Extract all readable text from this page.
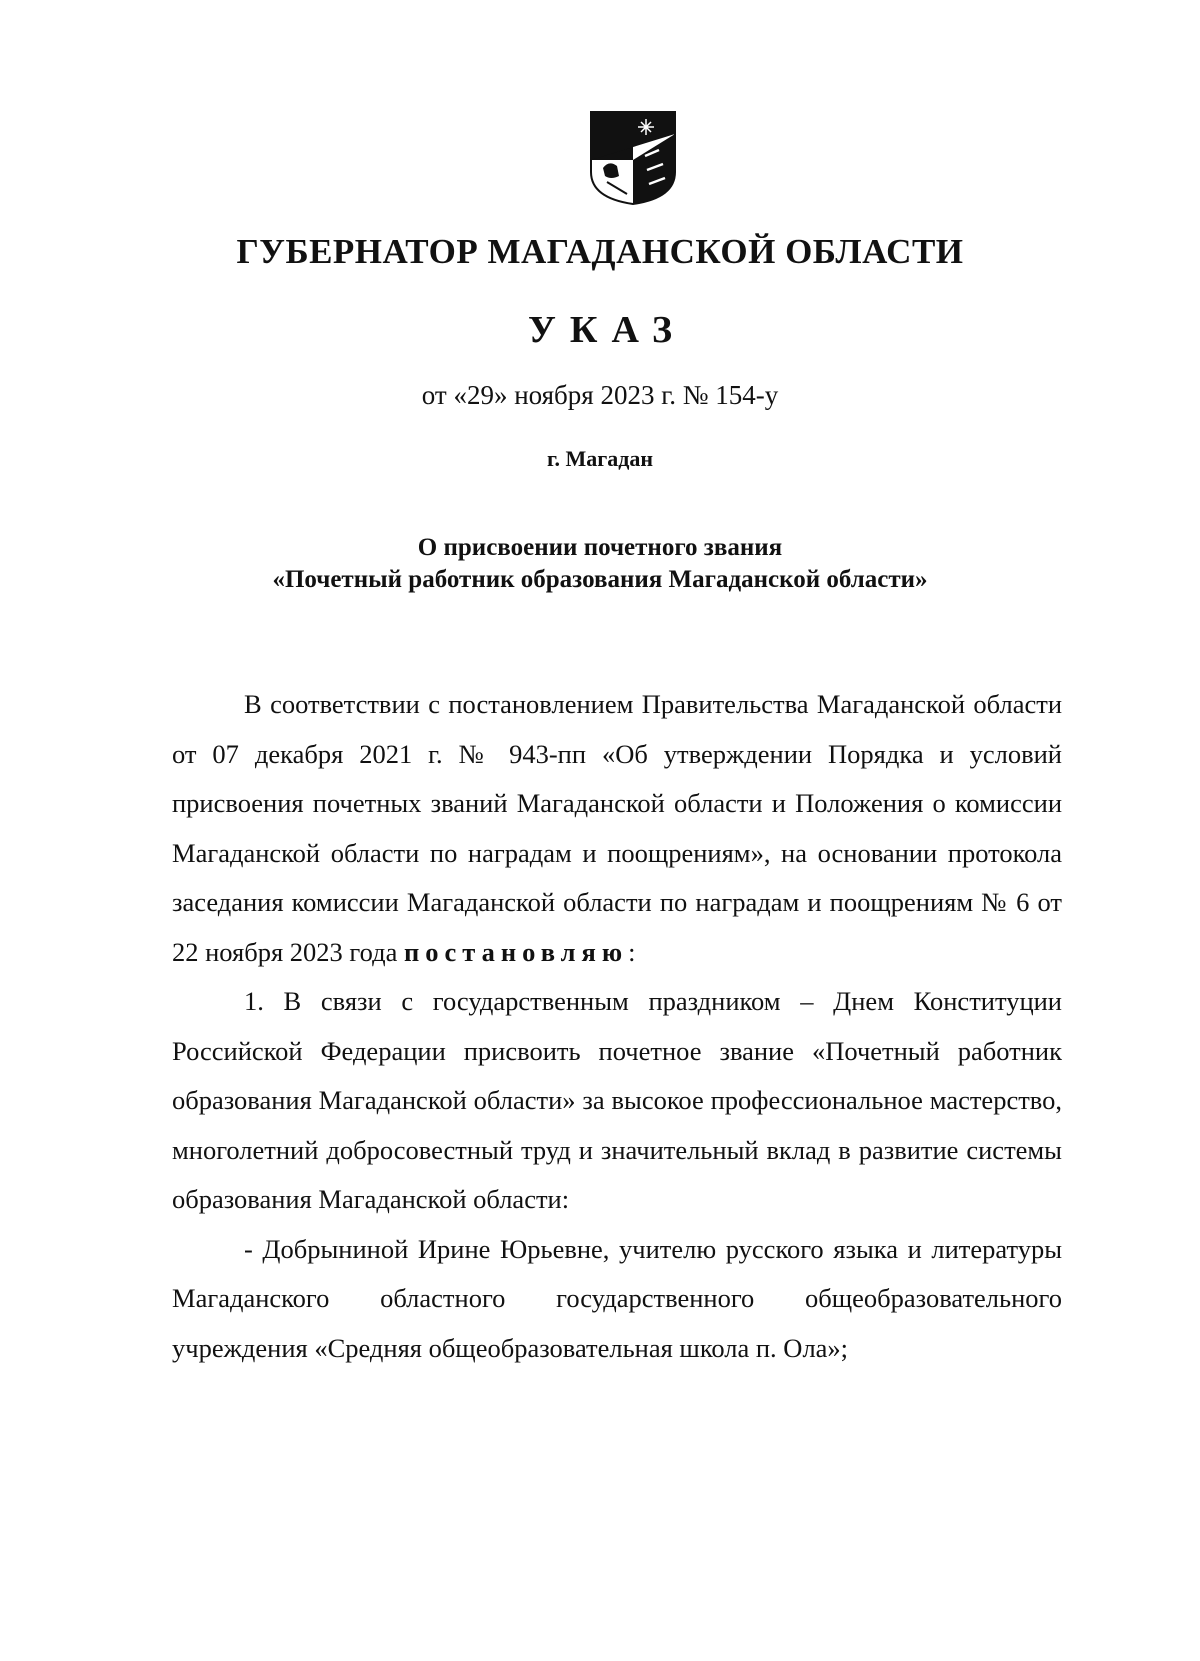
ГУБЕРНАТОР МАГАДАНСКОЙ ОБЛАСТИ
УКАЗ

от «29» ноября 2023 г. № 154-у

г. Магадан

О присвоении почетного звания
«Почетный работник образования Магаданской области»

В соответствии с постановлением Правительства Магаданской области от 07 декабря 2021 г. № 943-пп «Об утверждении Порядка и условий присвоения почетных званий Магаданской области и Положения о комиссии Магаданской области по наградам и поощрениям», на основании протокола заседания комиссии Магаданской области по наградам и поощрениям № 6 от 22 ноября 2023 года постановляю:

1. В связи с государственным праздником – Днем Конституции Российской Федерации присвоить почетное звание «Почетный работник образования Магаданской области» за высокое профессиональное мастерство, многолетний добросовестный труд и значительный вклад в развитие системы образования Магаданской области:

- Добрыниной Ирине Юрьевне, учителю русского языка и литературы Магаданского областного государственного общеобразовательного учреждения «Средняя общеобразовательная школа п. Ола»;
